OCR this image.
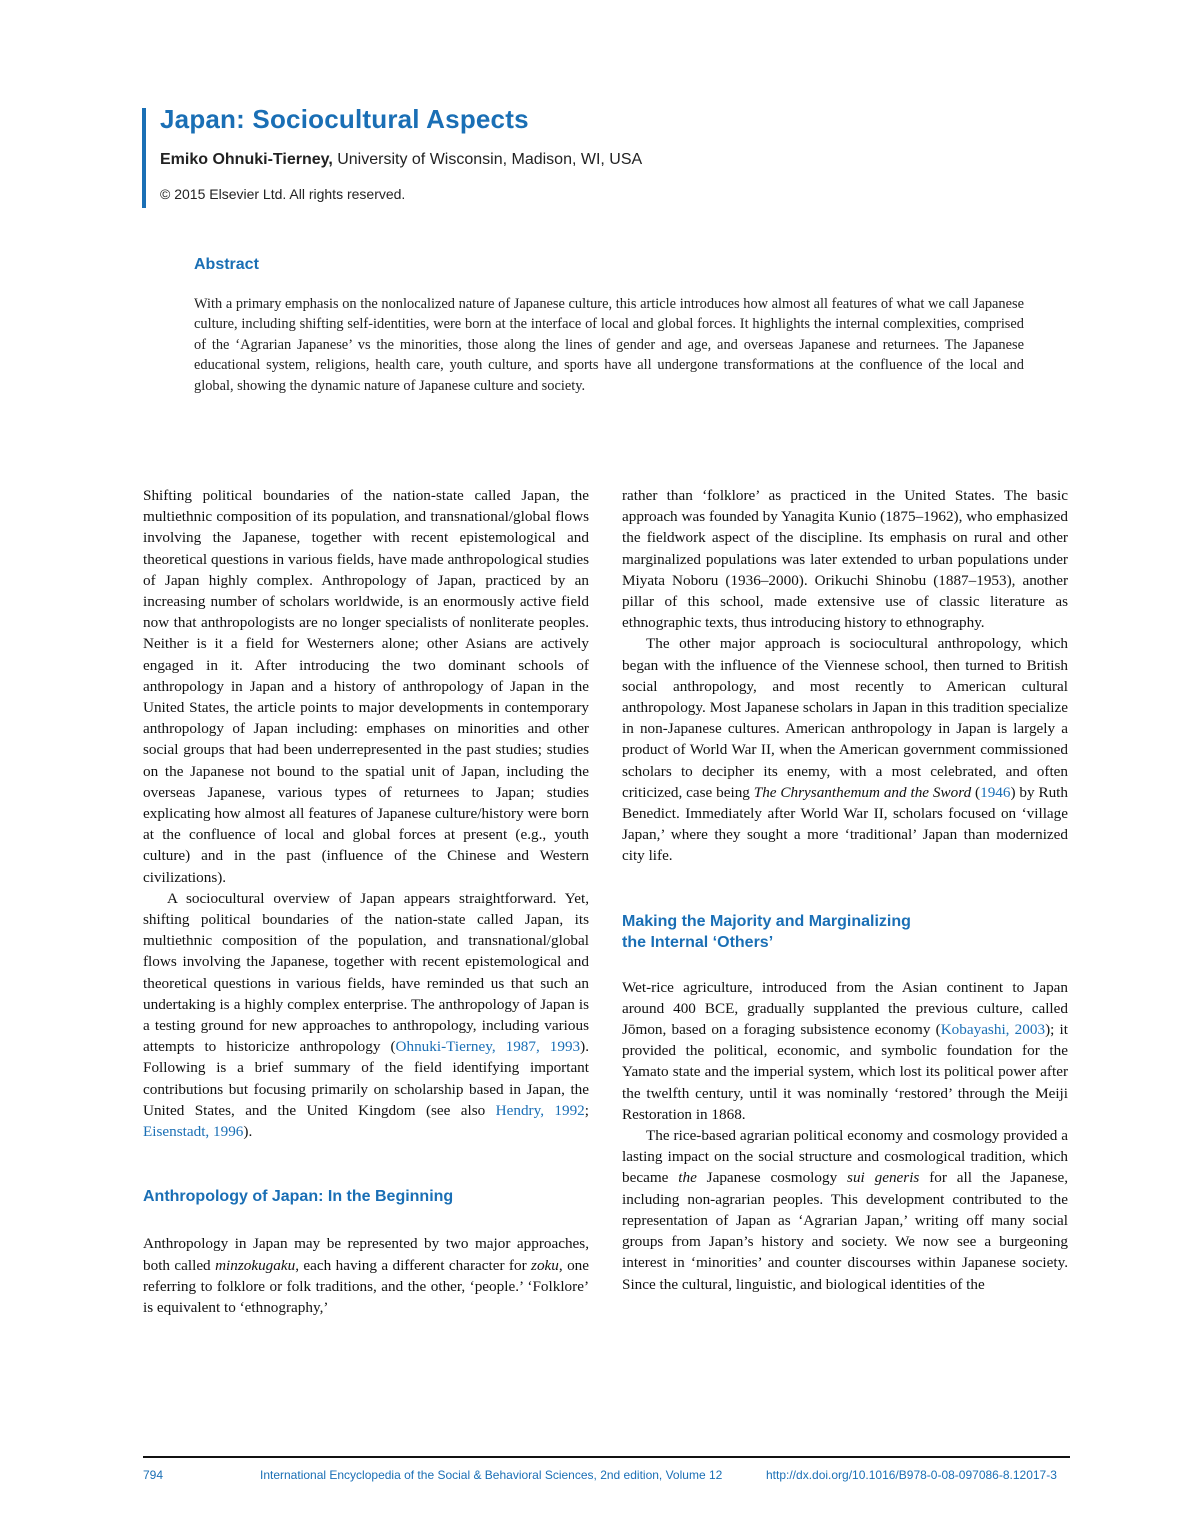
Japan: Sociocultural Aspects
Emiko Ohnuki-Tierney, University of Wisconsin, Madison, WI, USA
© 2015 Elsevier Ltd. All rights reserved.
Abstract

With a primary emphasis on the nonlocalized nature of Japanese culture, this article introduces how almost all features of what we call Japanese culture, including shifting self-identities, were born at the interface of local and global forces. It highlights the internal complexities, comprised of the ‘Agrarian Japanese’ vs the minorities, those along the lines of gender and age, and overseas Japanese and returnees. The Japanese educational system, religions, health care, youth culture, and sports have all undergone transformations at the confluence of the local and global, showing the dynamic nature of Japanese culture and society.

Shifting political boundaries of the nation-state called Japan, the multiethnic composition of its population, and transnational/global flows involving the Japanese, together with recent epistemological and theoretical questions in various fields, have made anthropological studies of Japan highly complex. Anthropology of Japan, practiced by an increasing number of scholars worldwide, is an enormously active field now that anthropologists are no longer specialists of nonliterate peoples. Neither is it a field for Westerners alone; other Asians are actively engaged in it. After introducing the two dominant schools of anthropology in Japan and a history of anthropology of Japan in the United States, the article points to major developments in contemporary anthropology of Japan including: emphases on minorities and other social groups that had been underrepresented in the past studies; studies on the Japanese not bound to the spatial unit of Japan, including the overseas Japanese, various types of returnees to Japan; studies explicating how almost all features of Japanese culture/history were born at the confluence of local and global forces at present (e.g., youth culture) and in the past (influence of the Chinese and Western civilizations).

A sociocultural overview of Japan appears straightforward. Yet, shifting political boundaries of the nation-state called Japan, its multiethnic composition of the population, and transnational/global flows involving the Japanese, together with recent epistemological and theoretical questions in various fields, have reminded us that such an undertaking is a highly complex enterprise. The anthropology of Japan is a testing ground for new approaches to anthropology, including various attempts to historicize anthropology (Ohnuki-Tierney, 1987, 1993). Following is a brief summary of the field identifying important contributions but focusing primarily on scholarship based in Japan, the United States, and the United Kingdom (see also Hendry, 1992; Eisenstadt, 1996).

Anthropology of Japan: In the Beginning

Anthropology in Japan may be represented by two major approaches, both called minzokugaku, each having a different character for zoku, one referring to folklore or folk traditions, and the other, ‘people.’ ‘Folklore’ is equivalent to ‘ethnography,’

rather than ‘folklore’ as practiced in the United States. The basic approach was founded by Yanagita Kunio (1875–1962), who emphasized the fieldwork aspect of the discipline. Its emphasis on rural and other marginalized populations was later extended to urban populations under Miyata Noboru (1936–2000). Orikuchi Shinobu (1887–1953), another pillar of this school, made extensive use of classic literature as ethnographic texts, thus introducing history to ethnography.

The other major approach is sociocultural anthropology, which began with the influence of the Viennese school, then turned to British social anthropology, and most recently to American cultural anthropology. Most Japanese scholars in Japan in this tradition specialize in non-Japanese cultures. American anthropology in Japan is largely a product of World War II, when the American government commissioned scholars to decipher its enemy, with a most celebrated, and often criticized, case being The Chrysanthemum and the Sword (1946) by Ruth Benedict. Immediately after World War II, scholars focused on ‘village Japan,’ where they sought a more ‘traditional’ Japan than modernized city life.

Making the Majority and Marginalizing
the Internal ‘Others’

Wet-rice agriculture, introduced from the Asian continent to Japan around 400 BCE, gradually supplanted the previous culture, called Jōmon, based on a foraging subsistence economy (Kobayashi, 2003); it provided the political, economic, and symbolic foundation for the Yamato state and the imperial system, which lost its political power after the twelfth century, until it was nominally ‘restored’ through the Meiji Restoration in 1868.

The rice-based agrarian political economy and cosmology provided a lasting impact on the social structure and cosmological tradition, which became the Japanese cosmology sui generis for all the Japanese, including non-agrarian peoples. This development contributed to the representation of Japan as ‘Agrarian Japan,’ writing off many social groups from Japan’s history and society. We now see a burgeoning interest in ‘minorities’ and counter discourses within Japanese society. Since the cultural, linguistic, and biological identities of the

794	International Encyclopedia of the Social & Behavioral Sciences, 2nd edition, Volume 12	http://dx.doi.org/10.1016/B978-0-08-097086-8.12017-3
